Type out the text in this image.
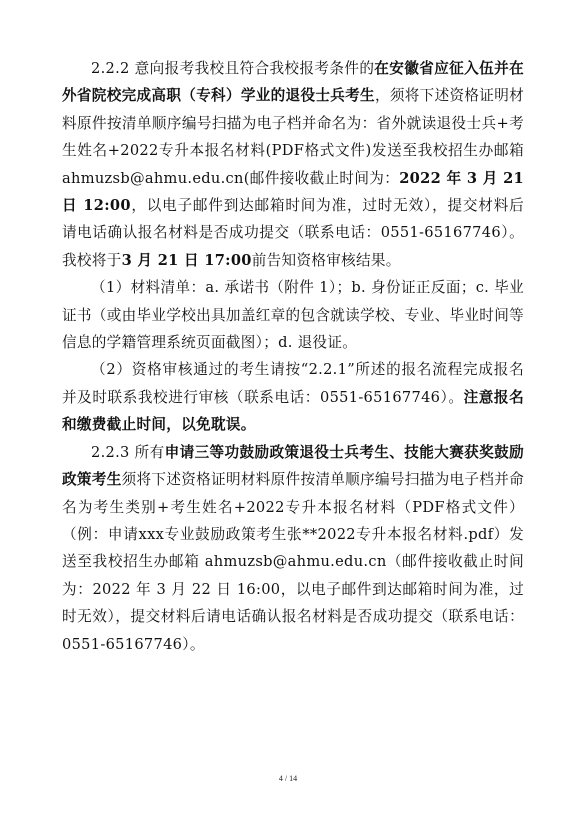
2.2.2 意向报考我校且符合我校报考条件的在安徽省应征入伍并在外省院校完成高职（专科）学业的退役士兵考生，须将下述资格证明材料原件按清单顺序编号扫描为电子档并命名为：省外就读退役士兵+考生姓名+2022专升本报名材料(PDF格式文件)发送至我校招生办邮箱 ahmuzsb@ahmu.edu.cn(邮件接收截止时间为：2022 年 3 月 21 日 12:00，以电子邮件到达邮箱时间为准，过时无效），提交材料后请电话确认报名材料是否成功提交（联系电话：0551-65167746）。我校将于3 月 21 日 17:00前告知资格审核结果。

（1）材料清单：a. 承诺书（附件 1）；b. 身份证正反面；c. 毕业证书（或由毕业学校出具加盖红章的包含就读学校、专业、毕业时间等信息的学籍管理系统页面截图）；d. 退役证。

（2）资格审核通过的考生请按“2.2.1”所述的报名流程完成报名并及时联系我校进行审核（联系电话：0551-65167746）。注意报名和缴费截止时间，以免耽误。

2.2.3 所有申请三等功鼓励政策退役士兵考生、技能大赛获奖鼓励政策考生须将下述资格证明材料原件按清单顺序编号扫描为电子档并命名为考生类别+考生姓名+2022专升本报名材料（PDF格式文件）（例：申请xxx专业鼓励政策考生张**2022专升本报名材料.pdf）发送至我校招生办邮箱 ahmuzsb@ahmu.edu.cn（邮件接收截止时间为：2022 年 3 月 22 日 16:00，以电子邮件到达邮箱时间为准，过时无效），提交材料后请电话确认报名材料是否成功提交（联系电话：0551-65167746）。

4 / 14
